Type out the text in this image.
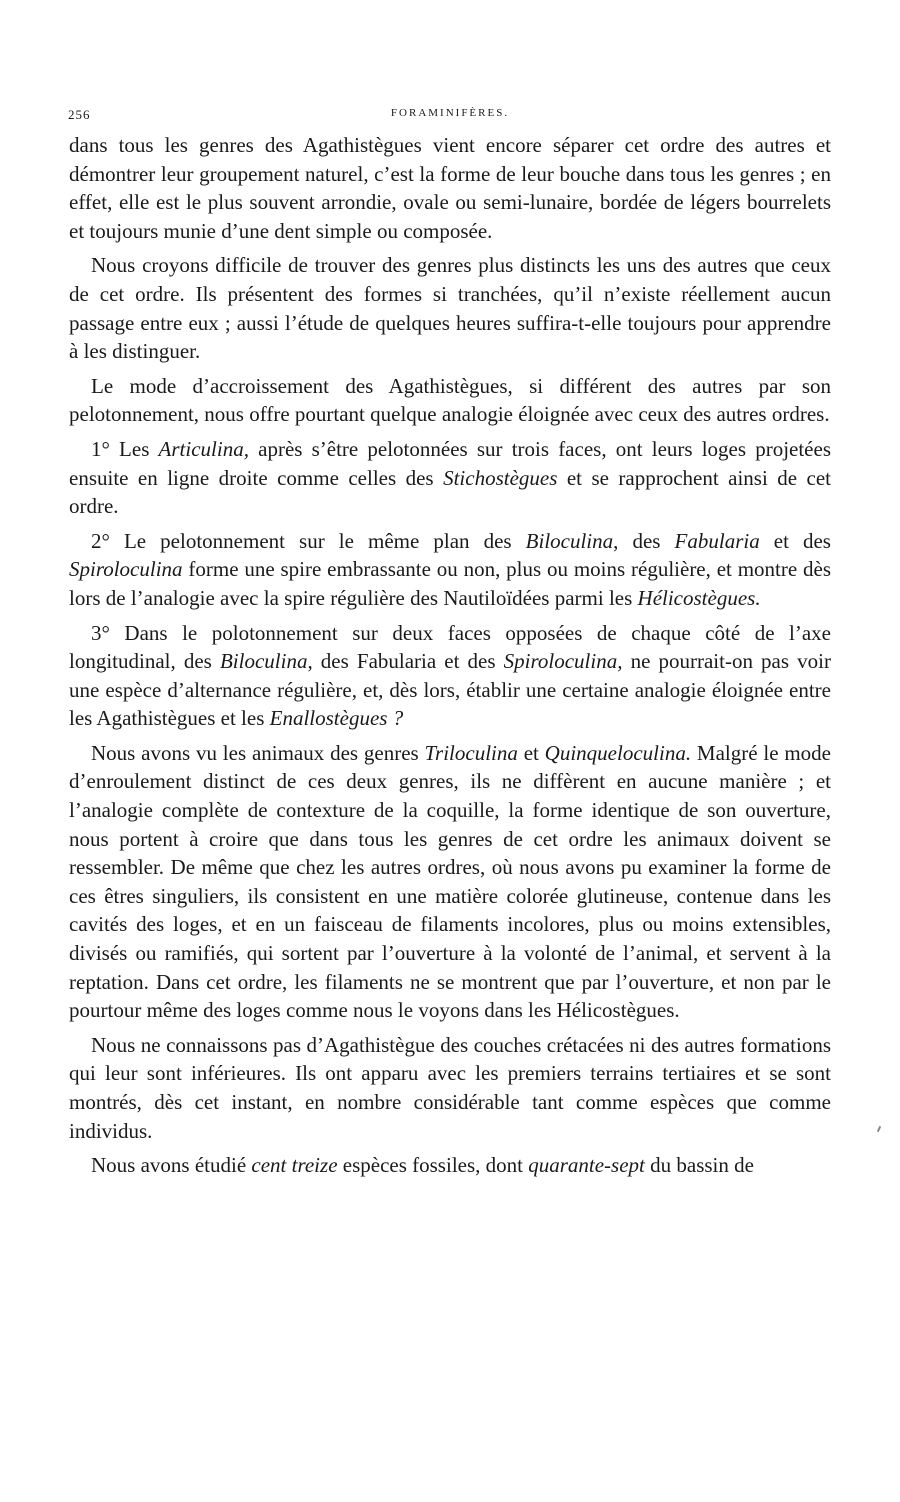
256	FORAMINIFÈRES.

dans tous les genres des Agathistègues vient encore séparer cet ordre des autres et démontrer leur groupement naturel, c’est la forme de leur bouche dans tous les genres ; en effet, elle est le plus souvent arrondie, ovale ou semi-lunaire, bordée de légers bourrelets et toujours munie d’une dent simple ou composée.

Nous croyons difficile de trouver des genres plus distincts les uns des autres que ceux de cet ordre. Ils présentent des formes si tranchées, qu’il n’existe réellement aucun passage entre eux ; aussi l’étude de quelques heures suffira-t-elle toujours pour apprendre à les distinguer.

Le mode d’accroissement des Agathistègues, si différent des autres par son pelotonnement, nous offre pourtant quelque analogie éloignée avec ceux des autres ordres.

1° Les Articulina, après s’être pelotonnées sur trois faces, ont leurs loges projetées ensuite en ligne droite comme celles des Stichostègues et se rapprochent ainsi de cet ordre.

2° Le pelotonnement sur le même plan des Biloculina, des Fabularia et des Spiroloculina forme une spire embrassante ou non, plus ou moins régulière, et montre dès lors de l’analogie avec la spire régulière des Nautiloïdées parmi les Hélicostègues.

3° Dans le polotonnement sur deux faces opposées de chaque côté de l’axe longitudinal, des Biloculina, des Fabularia et des Spiroloculina, ne pourrait-on pas voir une espèce d’alternance régulière, et, dès lors, établir une certaine analogie éloignée entre les Agathistègues et les Enallostègues ?

Nous avons vu les animaux des genres Triloculina et Quinqueloculina. Malgré le mode d’enroulement distinct de ces deux genres, ils ne diffèrent en aucune manière ; et l’analogie complète de contexture de la coquille, la forme identique de son ouverture, nous portent à croire que dans tous les genres de cet ordre les animaux doivent se ressembler. De même que chez les autres ordres, où nous avons pu examiner la forme de ces êtres singuliers, ils consistent en une matière colorée glutineuse, contenue dans les cavités des loges, et en un faisceau de filaments incolores, plus ou moins extensibles, divisés ou ramifiés, qui sortent par l’ouverture à la volonté de l’animal, et servent à la reptation. Dans cet ordre, les filaments ne se montrent que par l’ouverture, et non par le pourtour même des loges comme nous le voyons dans les Hélicostègues.

Nous ne connaissons pas d’Agathistègue des couches crétacées ni des autres formations qui leur sont inférieures. Ils ont apparu avec les premiers terrains tertiaires et se sont montrés, dès cet instant, en nombre considérable tant comme espèces que comme individus.

Nous avons étudié cent treize espèces fossiles, dont quarante-sept du bassin de
